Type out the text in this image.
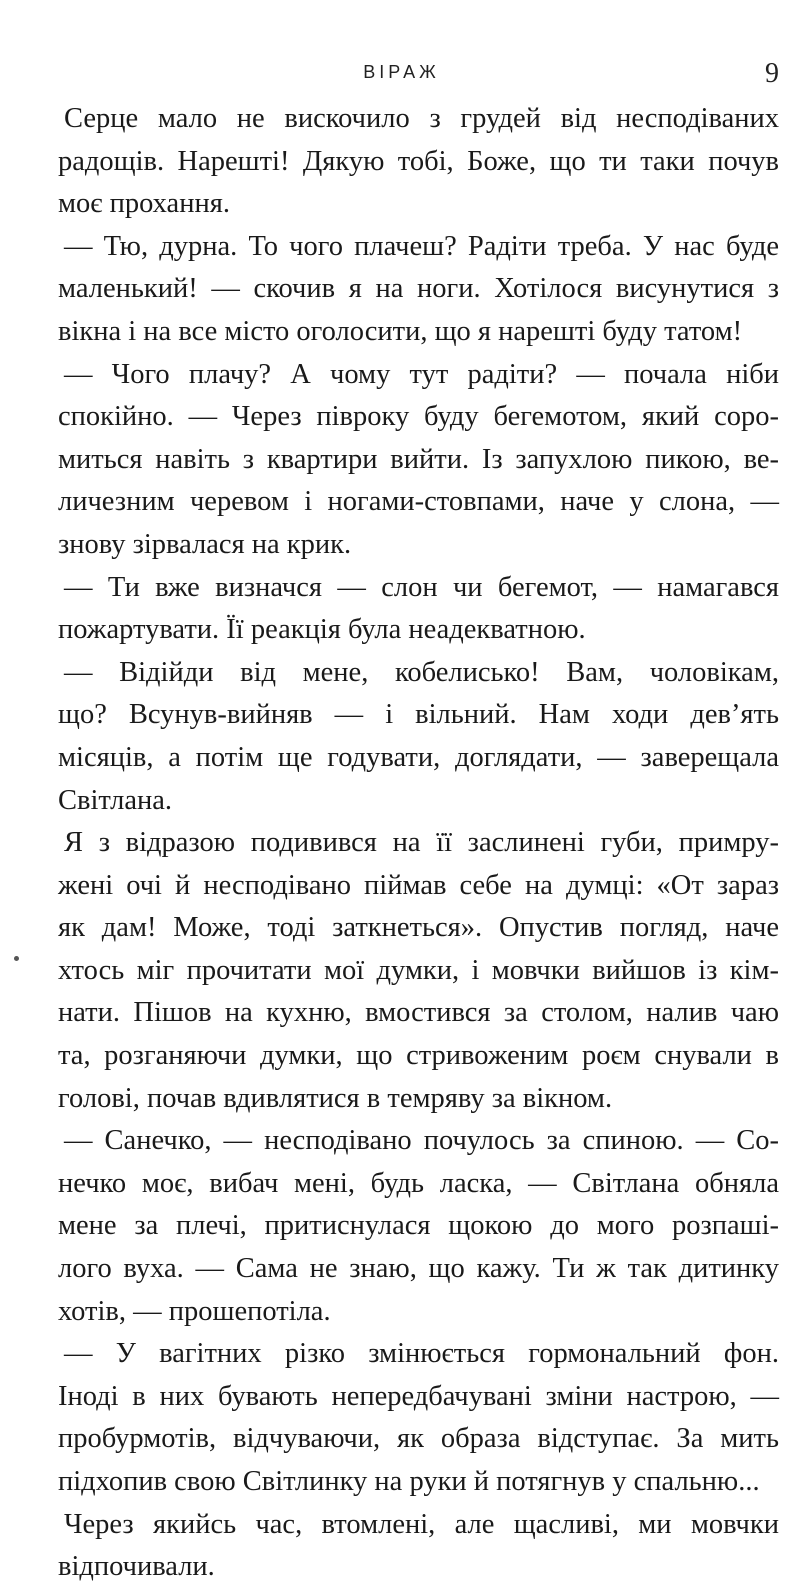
ВІРАЖ	9
Серце мало не вискочило з грудей від несподіваних
радощів. Нарешті! Дякую тобі, Боже, що ти таки почув
моє прохання.
— Тю, дурна. То чого плачеш? Радіти треба. У нас буде
маленький! — скочив я на ноги. Хотілося висунутися з
вікна і на все місто оголосити, що я нарешті буду татом!
— Чого плачу? А чому тут радіти? — почала ніби
спокійно. — Через півроку буду бегемотом, який соро-
миться навіть з квартири вийти. Із запухлою пикою, ве-
личезним черевом і ногами-стовпами, наче у слона, —
знову зірвалася на крик.
— Ти вже визначся — слон чи бегемот, — намагався
пожартувати. Її реакція була неадекватною.
— Відійди від мене, кобелисько! Вам, чоловікам,
що? Всунув-вийняв — і вільний. Нам ходи дев’ять
місяців, а потім ще годувати, доглядати, — заверещала
Світлана.
Я з відразою подивився на її заслинені губи, примру-
жені очі й несподівано піймав себе на думці: «От зараз
як дам! Може, тоді заткнеться». Опустив погляд, наче
хтось міг прочитати мої думки, і мовчки вийшов із кім-
нати. Пішов на кухню, вмостився за столом, налив чаю
та, розганяючи думки, що стривоженим роєм снували в
голові, почав вдивлятися в темряву за вікном.
— Санечко, — несподівано почулось за спиною. — Со-
нечко моє, вибач мені, будь ласка, — Світлана обняла
мене за плечі, притиснулася щокою до мого розпаші-
лого вуха. — Сама не знаю, що кажу. Ти ж так дитинку
хотів, — прошепотіла.
— У вагітних різко змінюється гормональний фон.
Іноді в них бувають непередбачувані зміни настрою, —
пробурмотів, відчуваючи, як образа відступає. За мить
підхопив свою Світлинку на руки й потягнув у спальню...
Через якийсь час, втомлені, але щасливі, ми мовчки
відпочивали.
